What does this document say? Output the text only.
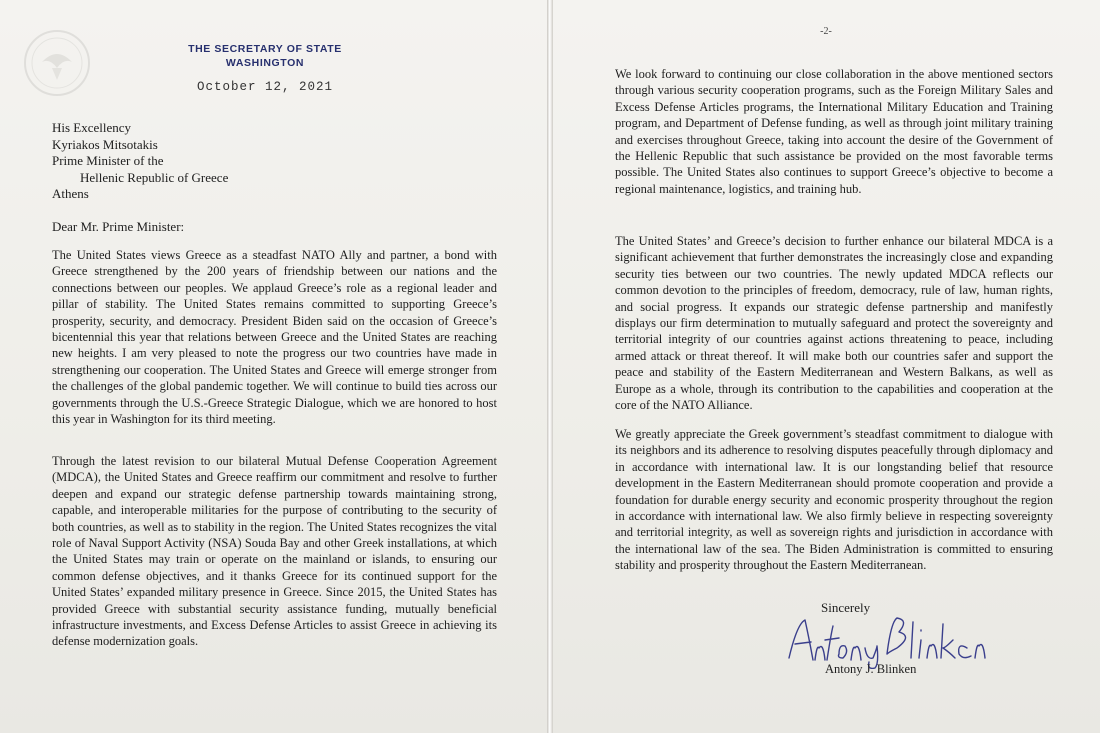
THE SECRETARY OF STATE
WASHINGTON
October 12, 2021
His Excellency
Kyriakos Mitsotakis
Prime Minister of the
Hellenic Republic of Greece
Athens
Dear Mr. Prime Minister:

The United States views Greece as a steadfast NATO Ally and partner, a bond with Greece strengthened by the 200 years of friendship between our nations and the connections between our peoples. We applaud Greece’s role as a regional leader and pillar of stability. The United States remains committed to supporting Greece’s prosperity, security, and democracy. President Biden said on the occasion of Greece’s bicentennial this year that relations between Greece and the United States are reaching new heights. I am very pleased to note the progress our two countries have made in strengthening our cooperation. The United States and Greece will emerge stronger from the challenges of the global pandemic together. We will continue to build ties across our governments through the U.S.-Greece Strategic Dialogue, which we are honored to host this year in Washington for its third meeting.

Through the latest revision to our bilateral Mutual Defense Cooperation Agreement (MDCA), the United States and Greece reaffirm our commitment and resolve to further deepen and expand our strategic defense partnership towards maintaining strong, capable, and interoperable militaries for the purpose of contributing to the security of both countries, as well as to stability in the region. The United States recognizes the vital role of Naval Support Activity (NSA) Souda Bay and other Greek installations, at which the United States may train or operate on the mainland or islands, to ensuring our common defense objectives, and it thanks Greece for its continued support for the United States’ expanded military presence in Greece. Since 2015, the United States has provided Greece with substantial security assistance funding, mutually beneficial infrastructure investments, and Excess Defense Articles to assist Greece in achieving its defense modernization goals.

-2-

We look forward to continuing our close collaboration in the above mentioned sectors through various security cooperation programs, such as the Foreign Military Sales and Excess Defense Articles programs, the International Military Education and Training program, and Department of Defense funding, as well as through joint military training and exercises throughout Greece, taking into account the desire of the Government of the Hellenic Republic that such assistance be provided on the most favorable terms possible. The United States also continues to support Greece’s objective to become a regional maintenance, logistics, and training hub.

The United States’ and Greece’s decision to further enhance our bilateral MDCA is a significant achievement that further demonstrates the increasingly close and expanding security ties between our two countries. The newly updated MDCA reflects our common devotion to the principles of freedom, democracy, rule of law, human rights, and social progress. It expands our strategic defense partnership and manifestly displays our firm determination to mutually safeguard and protect the sovereignty and territorial integrity of our countries against actions threatening to peace, including armed attack or threat thereof. It will make both our countries safer and support the peace and stability of the Eastern Mediterranean and Western Balkans, as well as Europe as a whole, through its contribution to the capabilities and cooperation at the core of the NATO Alliance.

We greatly appreciate the Greek government’s steadfast commitment to dialogue with its neighbors and its adherence to resolving disputes peacefully through diplomacy and in accordance with international law. It is our longstanding belief that resource development in the Eastern Mediterranean should promote cooperation and provide a foundation for durable energy security and economic prosperity throughout the region in accordance with international law. We also firmly believe in respecting sovereignty and territorial integrity, as well as sovereign rights and jurisdiction in accordance with the international law of the sea. The Biden Administration is committed to ensuring stability and prosperity throughout the Eastern Mediterranean.

Sincerely
Antony J. Blinken
